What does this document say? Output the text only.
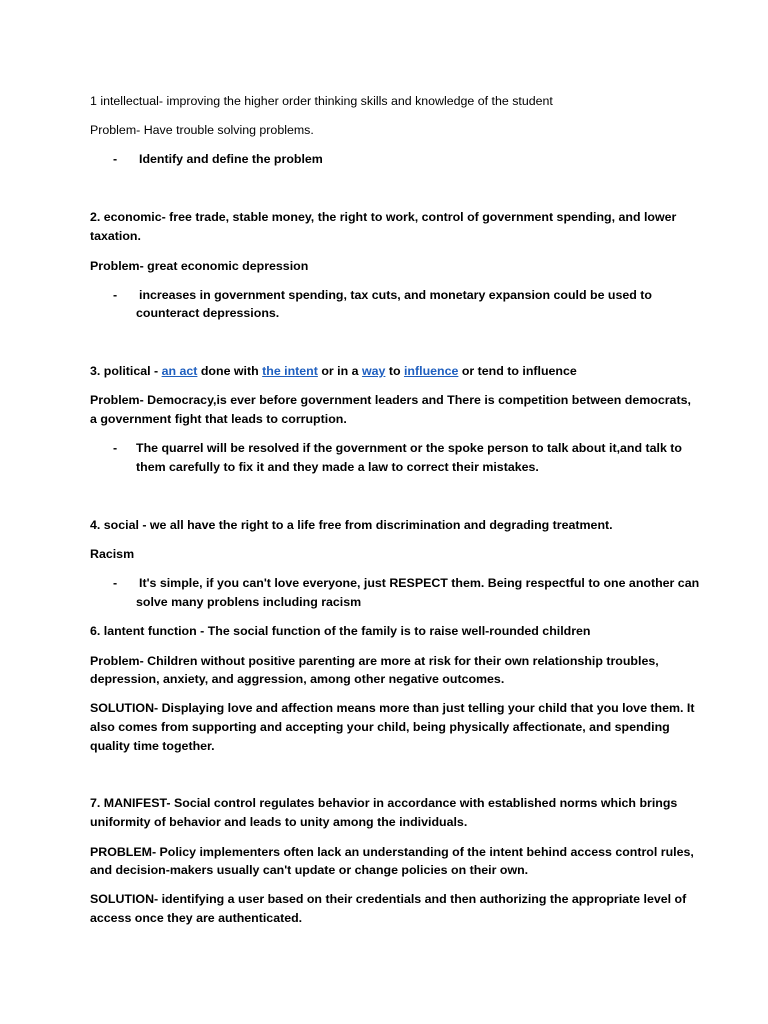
1 intellectual- improving the higher order thinking skills and knowledge of the student
Problem- Have trouble solving problems.
- Identify and define the problem
2. economic- free trade, stable money, the right to work, control of government spending, and lower
taxation.
Problem- great economic depression
- increases in government spending, tax cuts, and monetary expansion could be used to
counteract depressions.
3. political - an act done with the intent or in a way to influence or tend to influence
Problem- Democracy,is ever before government leaders and There is competition between democrats,
a government fight that leads to corruption.
- The quarrel will be resolved if the government or the spoke person to talk about it,and talk to
them carefully to fix it and they made a law to correct their mistakes.
4. social - we all have the right to a life free from discrimination and degrading treatment.
Racism
- It's simple, if you can't love everyone, just RESPECT them. Being respectful to one another can
solve many problens including racism
6. lantent function - The social function of the family is to raise well-rounded children
Problem- Children without positive parenting are more at risk for their own relationship troubles,
depression, anxiety, and aggression, among other negative outcomes.
SOLUTION- Displaying love and affection means more than just telling your child that you love them. It
also comes from supporting and accepting your child, being physically affectionate, and spending
quality time together.
7. MANIFEST- Social control regulates behavior in accordance with established norms which brings
uniformity of behavior and leads to unity among the individuals.
PROBLEM- Policy implementers often lack an understanding of the intent behind access control rules,
and decision-makers usually can't update or change policies on their own.
SOLUTION- identifying a user based on their credentials and then authorizing the appropriate level of
access once they are authenticated.
